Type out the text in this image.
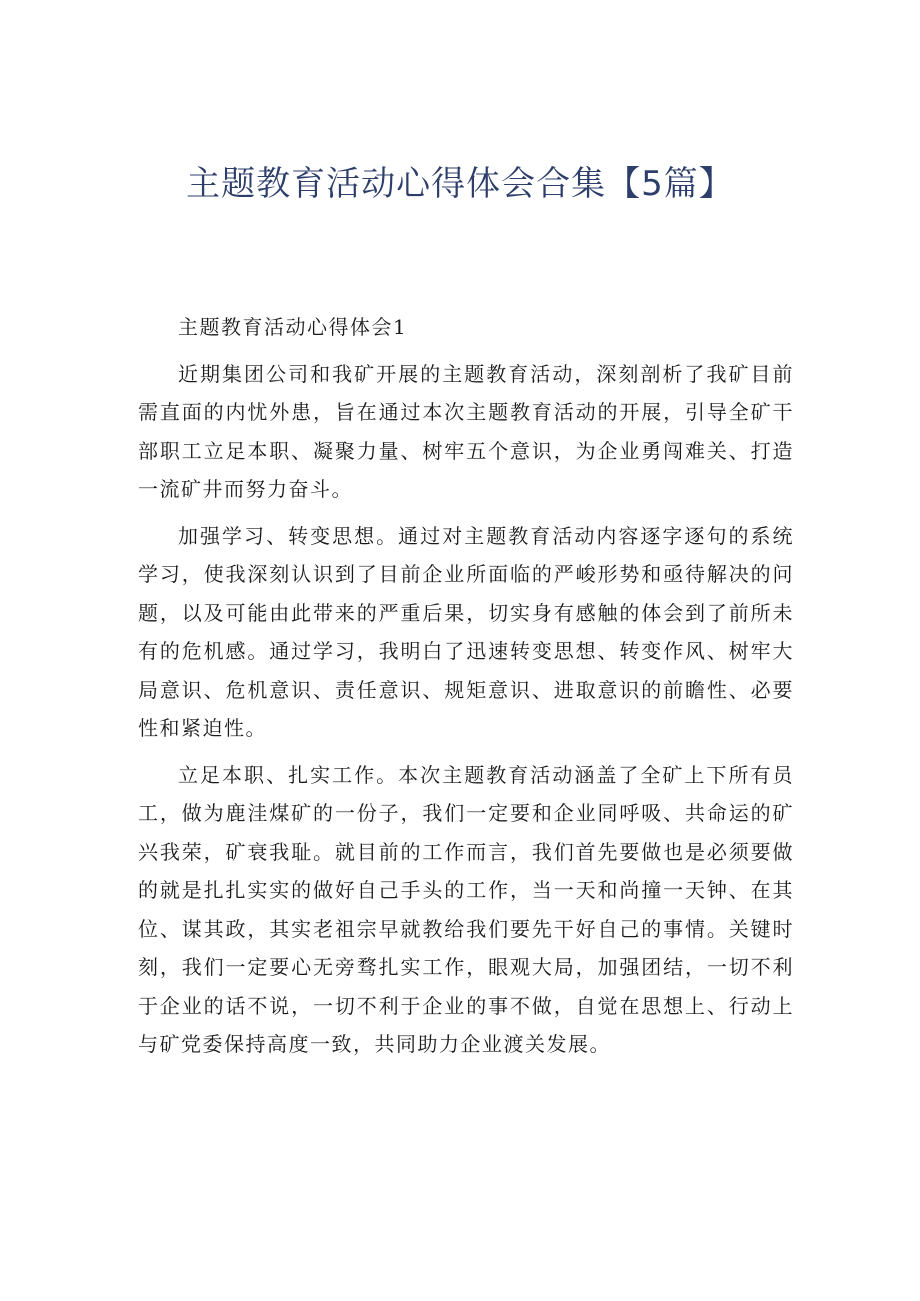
主题教育活动心得体会合集【5篇】

主题教育活动心得体会1

近期集团公司和我矿开展的主题教育活动，深刻剖析了我矿目前需直面的内忧外患，旨在通过本次主题教育活动的开展，引导全矿干部职工立足本职、凝聚力量、树牢五个意识，为企业勇闯难关、打造一流矿井而努力奋斗。

加强学习、转变思想。通过对主题教育活动内容逐字逐句的系统学习，使我深刻认识到了目前企业所面临的严峻形势和亟待解决的问题，以及可能由此带来的严重后果，切实身有感触的体会到了前所未有的危机感。通过学习，我明白了迅速转变思想、转变作风、树牢大局意识、危机意识、责任意识、规矩意识、进取意识的前瞻性、必要性和紧迫性。

立足本职、扎实工作。本次主题教育活动涵盖了全矿上下所有员工，做为鹿洼煤矿的一份子，我们一定要和企业同呼吸、共命运的矿兴我荣，矿衰我耻。就目前的工作而言，我们首先要做也是必须要做的就是扎扎实实的做好自己手头的工作，当一天和尚撞一天钟、在其位、谋其政，其实老祖宗早就教给我们要先干好自己的事情。关键时刻，我们一定要心无旁骛扎实工作，眼观大局，加强团结，一切不利于企业的话不说，一切不利于企业的事不做，自觉在思想上、行动上与矿党委保持高度一致，共同助力企业渡关发展。
